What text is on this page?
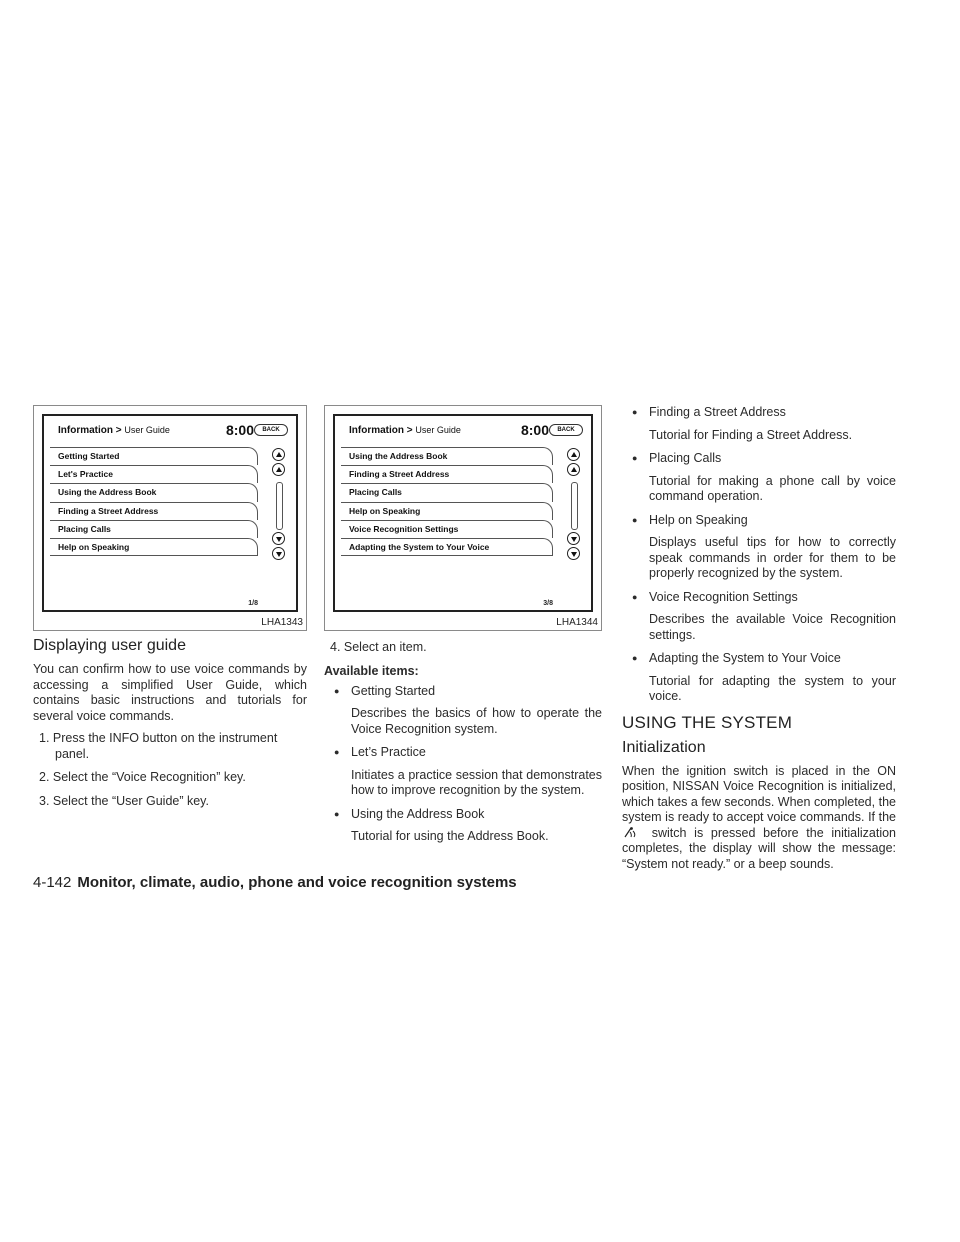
Information > User Guide	8:00	BACK
Getting Started
Let's Practice
Using the Address Book
Finding a Street Address
Placing Calls
Help on Speaking
1/8
LHA1343
Displaying user guide

You can confirm how to use voice commands by accessing a simplified User Guide, which contains basic instructions and tutorials for several voice commands.

1. Press the INFO button on the instrument panel.
2. Select the “Voice Recognition” key.
3. Select the “User Guide” key.
Information > User Guide	8:00	BACK
Using the Address Book
Finding a Street Address
Placing Calls
Help on Speaking
Voice Recognition Settings
Adapting the System to Your Voice
3/8
LHA1344
4. Select an item.
Available items:
● Getting Started
Describes the basics of how to operate the Voice Recognition system.
● Let’s Practice
Initiates a practice session that demonstrates how to improve recognition by the system.
● Using the Address Book
Tutorial for using the Address Book.
● Finding a Street Address
Tutorial for Finding a Street Address.
● Placing Calls
Tutorial for making a phone call by voice command operation.
● Help on Speaking
Displays useful tips for how to correctly speak commands in order for them to be properly recognized by the system.
● Voice Recognition Settings
Describes the available Voice Recognition settings.
● Adapting the System to Your Voice
Tutorial for adapting the system to your voice.
USING THE SYSTEM
Initialization

When the ignition switch is placed in the ON position, NISSAN Voice Recognition is initialized, which takes a few seconds. When completed, the system is ready to accept voice commands. If the  switch is pressed before the initialization completes, the display will show the message: “System not ready.” or a beep sounds.

4-142 Monitor, climate, audio, phone and voice recognition systems
